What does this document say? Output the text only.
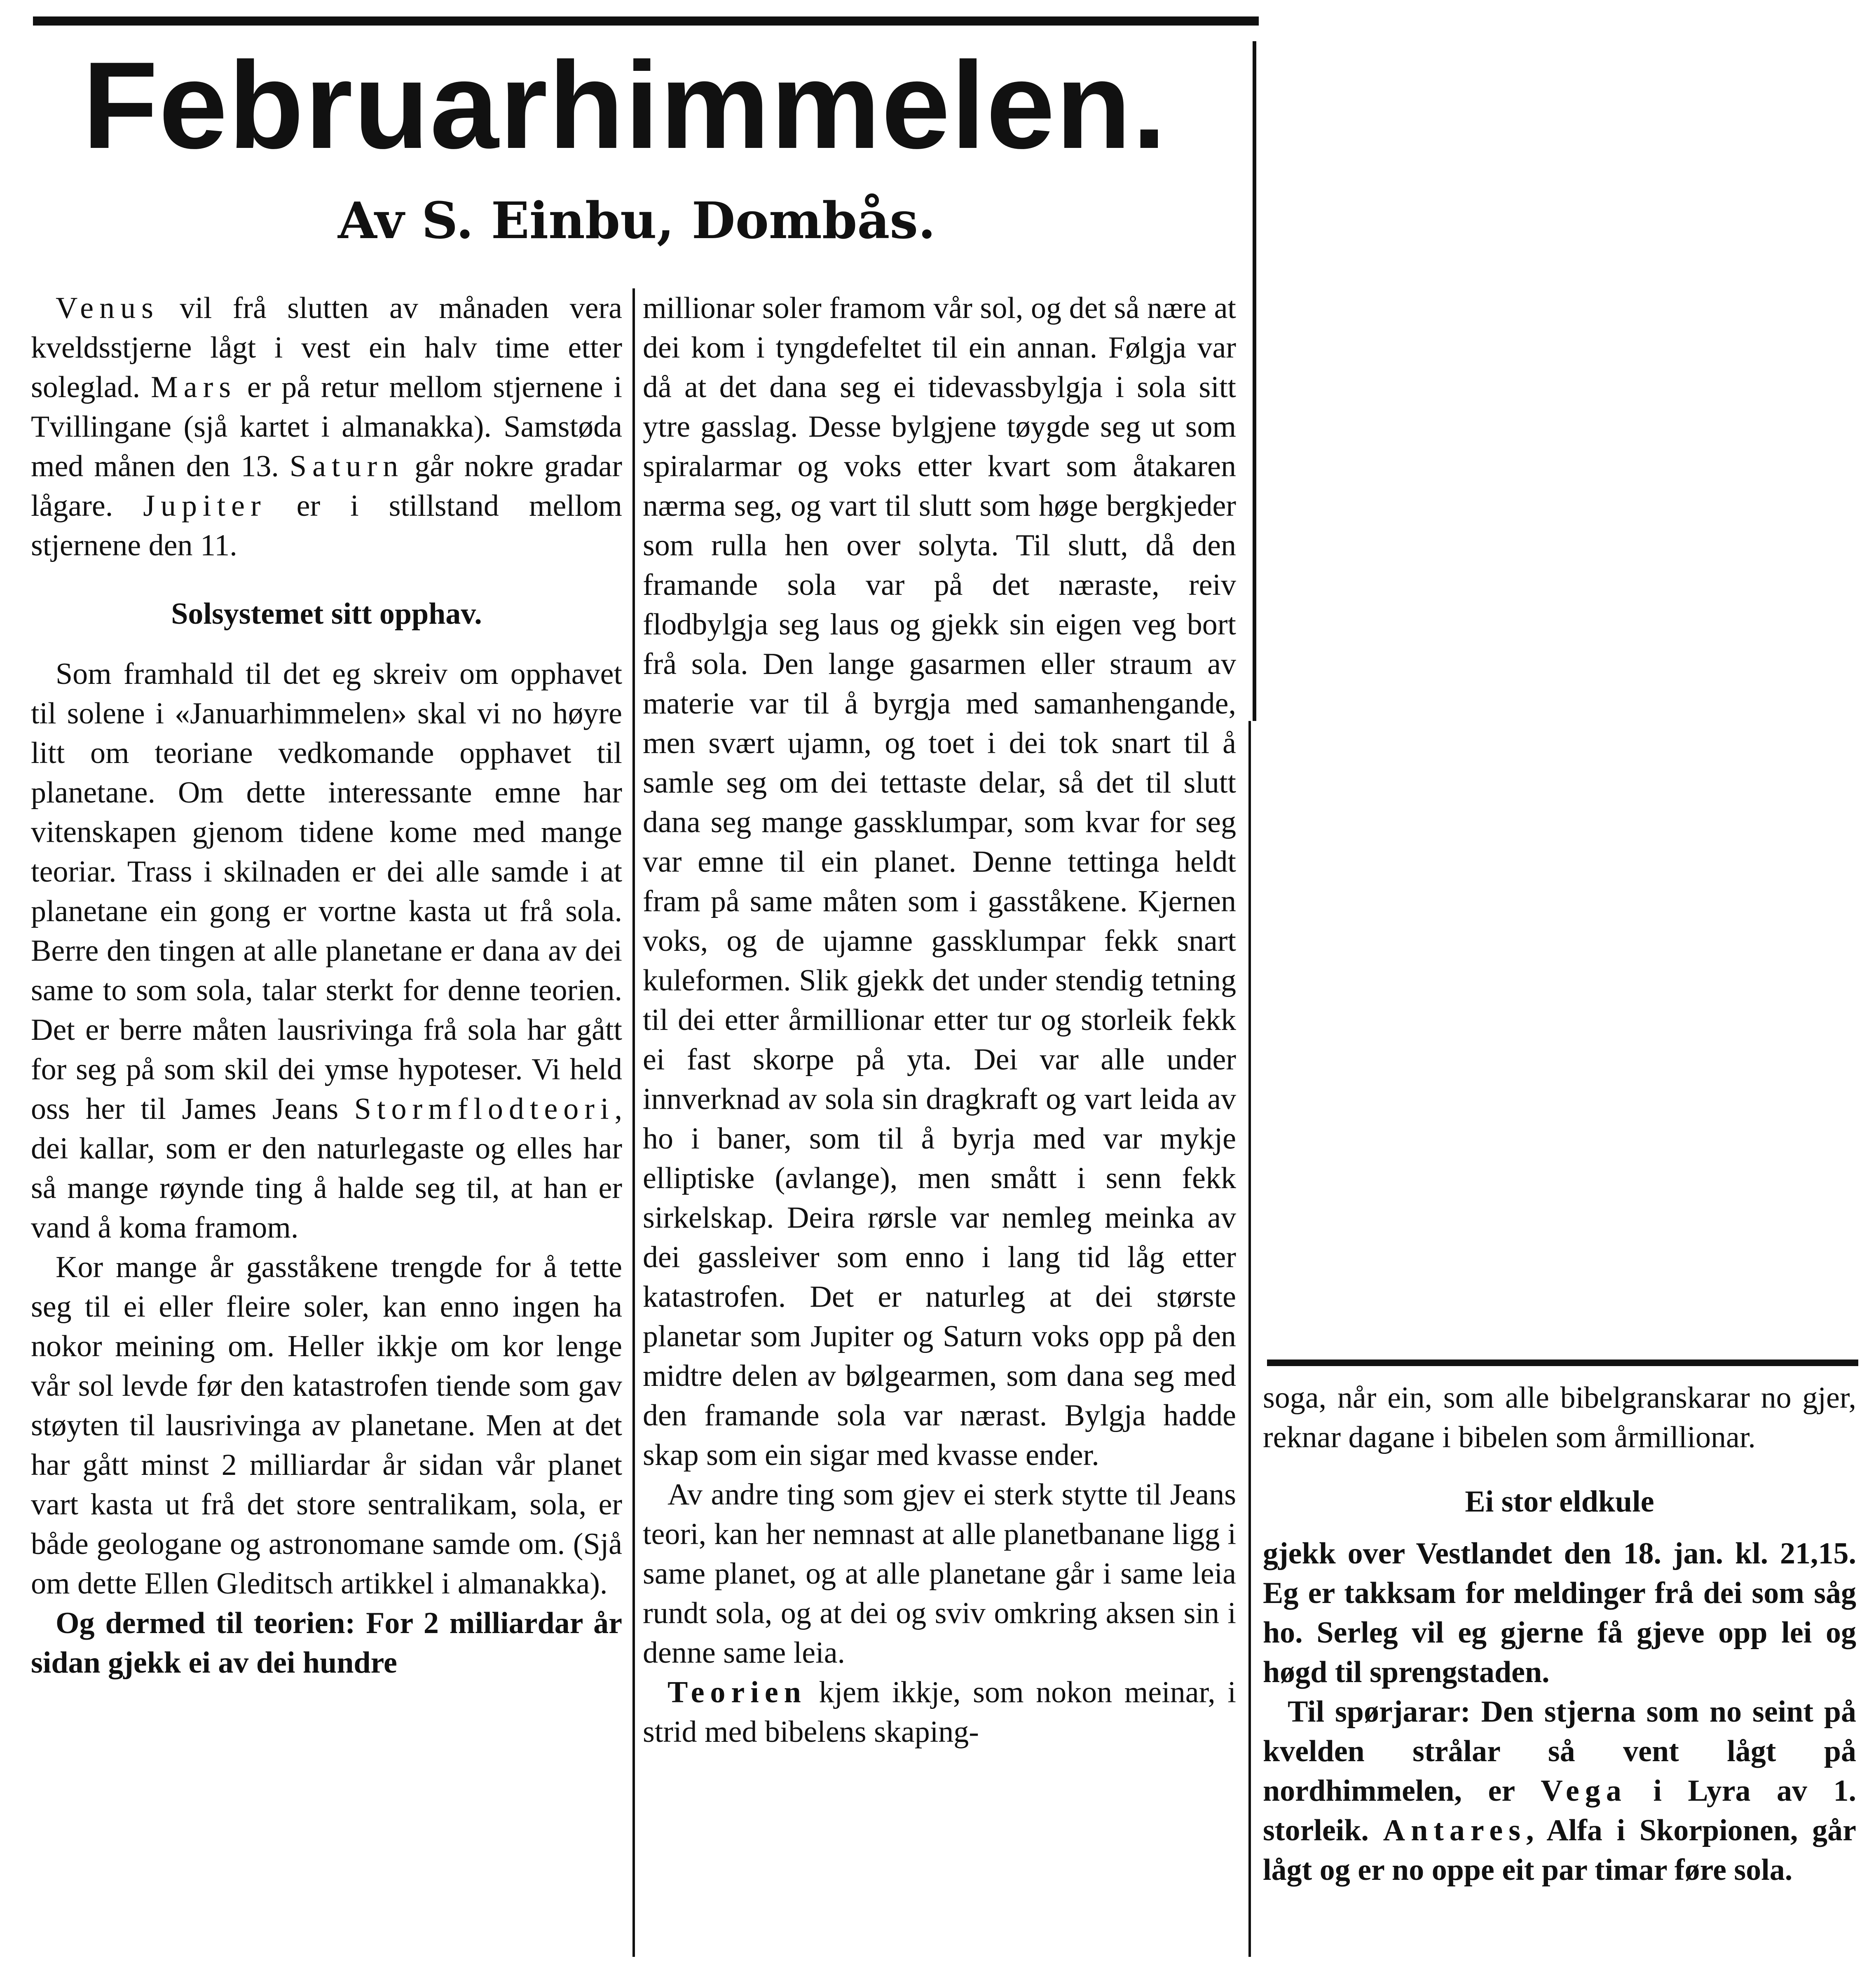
Februarhimmelen.
Av S. Einbu, Dombås.

Venus vil frå slutten av månaden vera kveldsstjerne lågt i vest ein halv time etter soleglad. Mars er på retur mellom stjernene i Tvillingane (sjå kartet i almanakka). Samstøda med månen den 13. Saturn går nokre gradar lågare. Jupiter er i stillstand mellom stjernene den 11.

Solsystemet sitt opphav.

Som framhald til det eg skreiv om opphavet til solene i «Januarhimmelen» skal vi no høyre litt om teoriane vedkomande opphavet til planetane. Om dette interessante emne har vitenskapen gjenom tidene kome med mange teoriar. Trass i skilnaden er dei alle samde i at planetane ein gong er vortne kasta ut frå sola. Berre den tingen at alle planetane er dana av dei same to som sola, talar sterkt for denne teorien. Det er berre måten lausrivinga frå sola har gått for seg på som skil dei ymse hypoteser. Vi held oss her til James Jeans Stormflodteori, dei kallar, som er den naturlegaste og elles har så mange røynde ting å halde seg til, at han er vand å koma framom.

Kor mange år gasståkene trengde for å tette seg til ei eller fleire soler, kan enno ingen ha nokor meining om. Heller ikkje om kor lenge vår sol levde før den katastrofen tiende som gav støyten til lausrivinga av planetane. Men at det har gått minst 2 milliardar år sidan vår planet vart kasta ut frå det store sentralikam, sola, er både geologane og astronomane samde om. (Sjå om dette Ellen Gleditsch artikkel i almanakka).

Og dermed til teorien: For 2 milliardar år sidan gjekk ei av dei hundre

millionar soler framom vår sol, og det så nære at dei kom i tyngdefeltet til ein annan. Følgja var då at det dana seg ei tidevassbylgja i sola sitt ytre gasslag. Desse bylgjene tøygde seg ut som spiralarmar og voks etter kvart som åtakaren nærma seg, og vart til slutt som høge bergkjeder som rulla hen over solyta. Til slutt, då den framande sola var på det næraste, reiv flodbylgja seg laus og gjekk sin eigen veg bort frå sola. Den lange gasarmen eller straum av materie var til å byrgja med samanhengande, men svært ujamn, og toet i dei tok snart til å samle seg om dei tettaste delar, så det til slutt dana seg mange gassklumpar, som kvar for seg var emne til ein planet. Denne tettinga heldt fram på same måten som i gasståkene. Kjernen voks, og de ujamne gassklumpar fekk snart kuleformen. Slik gjekk det under stendig tetning til dei etter årmillionar etter tur og storleik fekk ei fast skorpe på yta. Dei var alle under innverknad av sola sin dragkraft og vart leida av ho i baner, som til å byrja med var mykje elliptiske (avlange), men smått i senn fekk sirkelskap. Deira rørsle var nemleg meinka av dei gassleiver som enno i lang tid låg etter katastrofen. Det er naturleg at dei største planetar som Jupiter og Saturn voks opp på den midtre delen av bølgearmen, som dana seg med den framande sola var nærast. Bylgja hadde skap som ein sigar med kvasse ender.

Av andre ting som gjev ei sterk stytte til Jeans teori, kan her nemnast at alle planetbanane ligg i same planet, og at alle planetane går i same leia rundt sola, og at dei og sviv omkring aksen sin i denne same leia.

Teorien kjem ikkje, som nokon meinar, i strid med bibelens skaping-

soga, når ein, som alle bibelgranskarar no gjer, reknar dagane i bibelen som årmillionar.

Ei stor eldkule

gjekk over Vestlandet den 18. jan. kl. 21,15. Eg er takksam for meldinger frå dei som såg ho. Serleg vil eg gjerne få gjeve opp lei og høgd til sprengstaden.

Til spørjarar: Den stjerna som no seint på kvelden strålar så vent lågt på nordhimmelen, er Vega i Lyra av 1. storleik. Antares, Alfa i Skorpionen, går lågt og er no oppe eit par timar føre sola.
